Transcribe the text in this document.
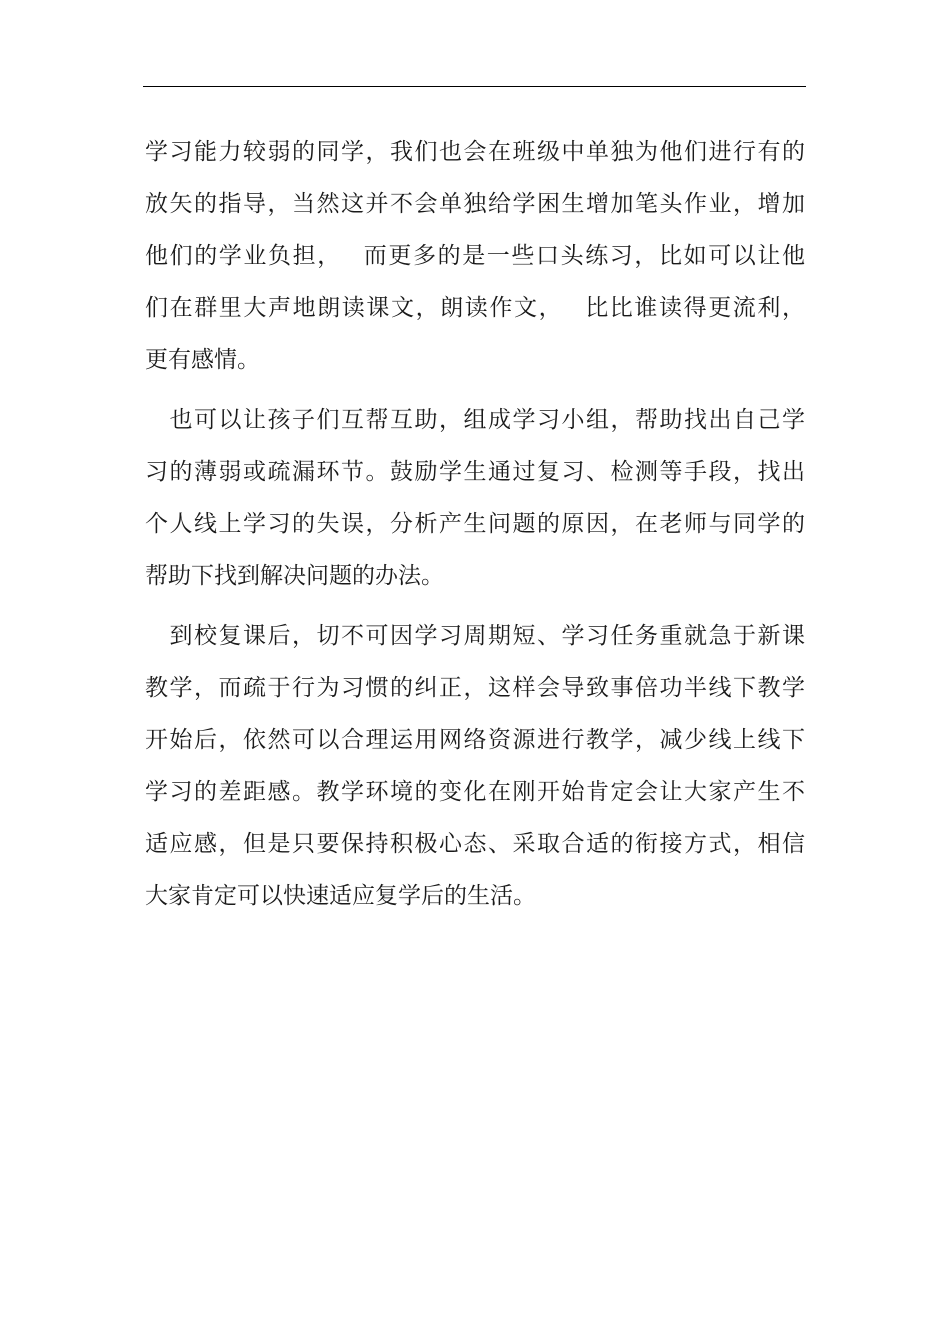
学习能力较弱的同学，我们也会在班级中单独为他们进行有的
放矢的指导，当然这并不会单独给学困生增加笔头作业，增加
他们的学业负担，　 而更多的是一些口头练习，比如可以让他
们在群里大声地朗读课文，朗读作文，　 比比谁读得更流利，
更有感情。
　也可以让孩子们互帮互助，组成学习小组，帮助找出自己学
习的薄弱或疏漏环节。鼓励学生通过复习、检测等手段，找出
个人线上学习的失误，分析产生问题的原因，在老师与同学的
帮助下找到解决问题的办法。
　到校复课后，切不可因学习周期短、学习任务重就急于新课
教学，而疏于行为习惯的纠正，这样会导致事倍功半线下教学
开始后，依然可以合理运用网络资源进行教学，减少线上线下
学习的差距感。教学环境的变化在刚开始肯定会让大家产生不
适应感，但是只要保持积极心态、采取合适的衔接方式，相信
大家肯定可以快速适应复学后的生活。
